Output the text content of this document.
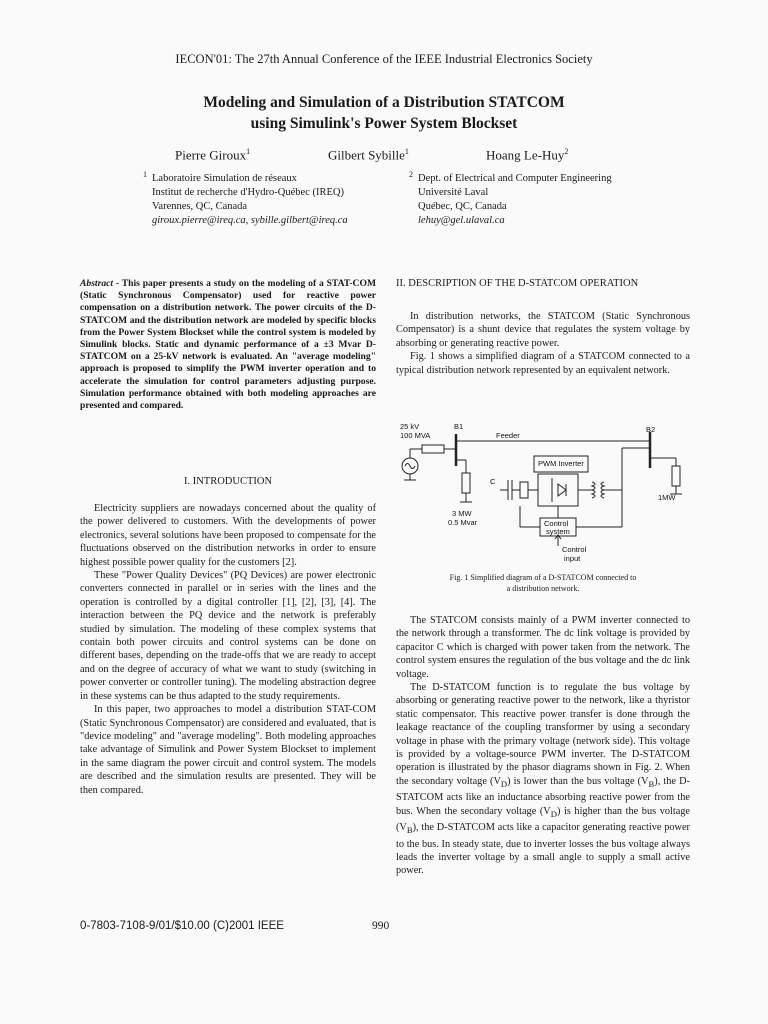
IECON'01: The 27th Annual Conference of the IEEE Industrial Electronics Society
Modeling and Simulation of a Distribution STATCOM
using Simulink's Power System Blockset
Pierre Giroux$^1$	Gilbert Sybille$^1$	Hoang Le-Huy$^2$
1 Laboratoire Simulation de réseaux
Institut de recherche d'Hydro-Québec (IREQ)
Varennes, QC, Canada
giroux.pierre@ireq.ca, sybille.gilbert@ireq.ca
2 Dept. of Electrical and Computer Engineering
Université Laval
Québec, QC, Canada
lehuy@gel.ulaval.ca
Abstract - This paper presents a study on the modeling of a STAT-COM (Static Synchronous Compensator) used for reactive power compensation on a distribution network. The power circuits of the D-STATCOM and the distribution network are modeled by specific blocks from the Power System Blockset while the control system is modeled by Simulink blocks. Static and dynamic performance of a ±3 Mvar D-STATCOM on a 25-kV network is evaluated. An "average modeling" approach is proposed to simplify the PWM inverter operation and to accelerate the simulation for control parameters adjusting purpose. Simulation performance obtained with both modeling approaches are presented and compared.
I. INTRODUCTION

Electricity suppliers are nowadays concerned about the quality of the power delivered to customers. With the developments of power electronics, several solutions have been proposed to compensate for the fluctuations observed on the distribution networks in order to ensure highest possible power quality for the customers [2].

These "Power Quality Devices" (PQ Devices) are power electronic converters connected in parallel or in series with the lines and the operation is controlled by a digital controller [1], [2], [3], [4]. The interaction between the PQ device and the network is preferably studied by simulation. The modeling of these complex systems that contain both power circuits and control systems can be done on different bases, depending on the trade-offs that we are ready to accept and on the degree of accuracy of what we want to study (switching in power converter or controller tuning). The modeling abstraction degree in these systems can be thus adapted to the study requirements.

In this paper, two approaches to model a distribution STAT-COM (Static Synchronous Compensator) are considered and evaluated, that is "device modeling" and "average modeling". Both modeling approaches take advantage of Simulink and Power System Blockset to implement in the same diagram the power circuit and control system. The models are described and the simulation results are presented. They will be then compared.

II. DESCRIPTION OF THE D-STATCOM OPERATION

In distribution networks, the STATCOM (Static Synchronous Compensator) is a shunt device that regulates the system voltage by absorbing or generating reactive power.

Fig. 1 shows a simplified diagram of a STATCOM connected to a typical distribution network represented by an equivalent network.

25 kV
100 MVA
B1	B2
Feeder
PWM Inverter
C
3 MW
0.5 Mvar
1MW
Control
system
Control
input
Fig. 1 Simplified diagram of a D-STATCOM connected to
a distribution network.

The STATCOM consists mainly of a PWM inverter connected to the network through a transformer. The dc link voltage is provided by capacitor C which is charged with power taken from the network. The control system ensures the regulation of the bus voltage and the dc link voltage.

The D-STATCOM function is to regulate the bus voltage by absorbing or generating reactive power to the network, like a thyristor static compensator. This reactive power transfer is done through the leakage reactance of the coupling transformer by using a secondary voltage in phase with the primary voltage (network side). This voltage is provided by a voltage-source PWM inverter. The D-STATCOM operation is illustrated by the phasor diagrams shown in Fig. 2. When the secondary voltage $(V_D)$ is lower than the bus voltage $(V_B)$, the D-STATCOM acts like an inductance absorbing reactive power from the bus. When the secondary voltage $(V_D)$ is higher than the bus voltage $(V_B)$, the D-STATCOM acts like a capacitor generating reactive power to the bus. In steady state, due to inverter losses the bus voltage always leads the inverter voltage by a small angle to supply a small active power.

0-7803-7108-9/01/$10.00 (C)2001 IEEE	990
